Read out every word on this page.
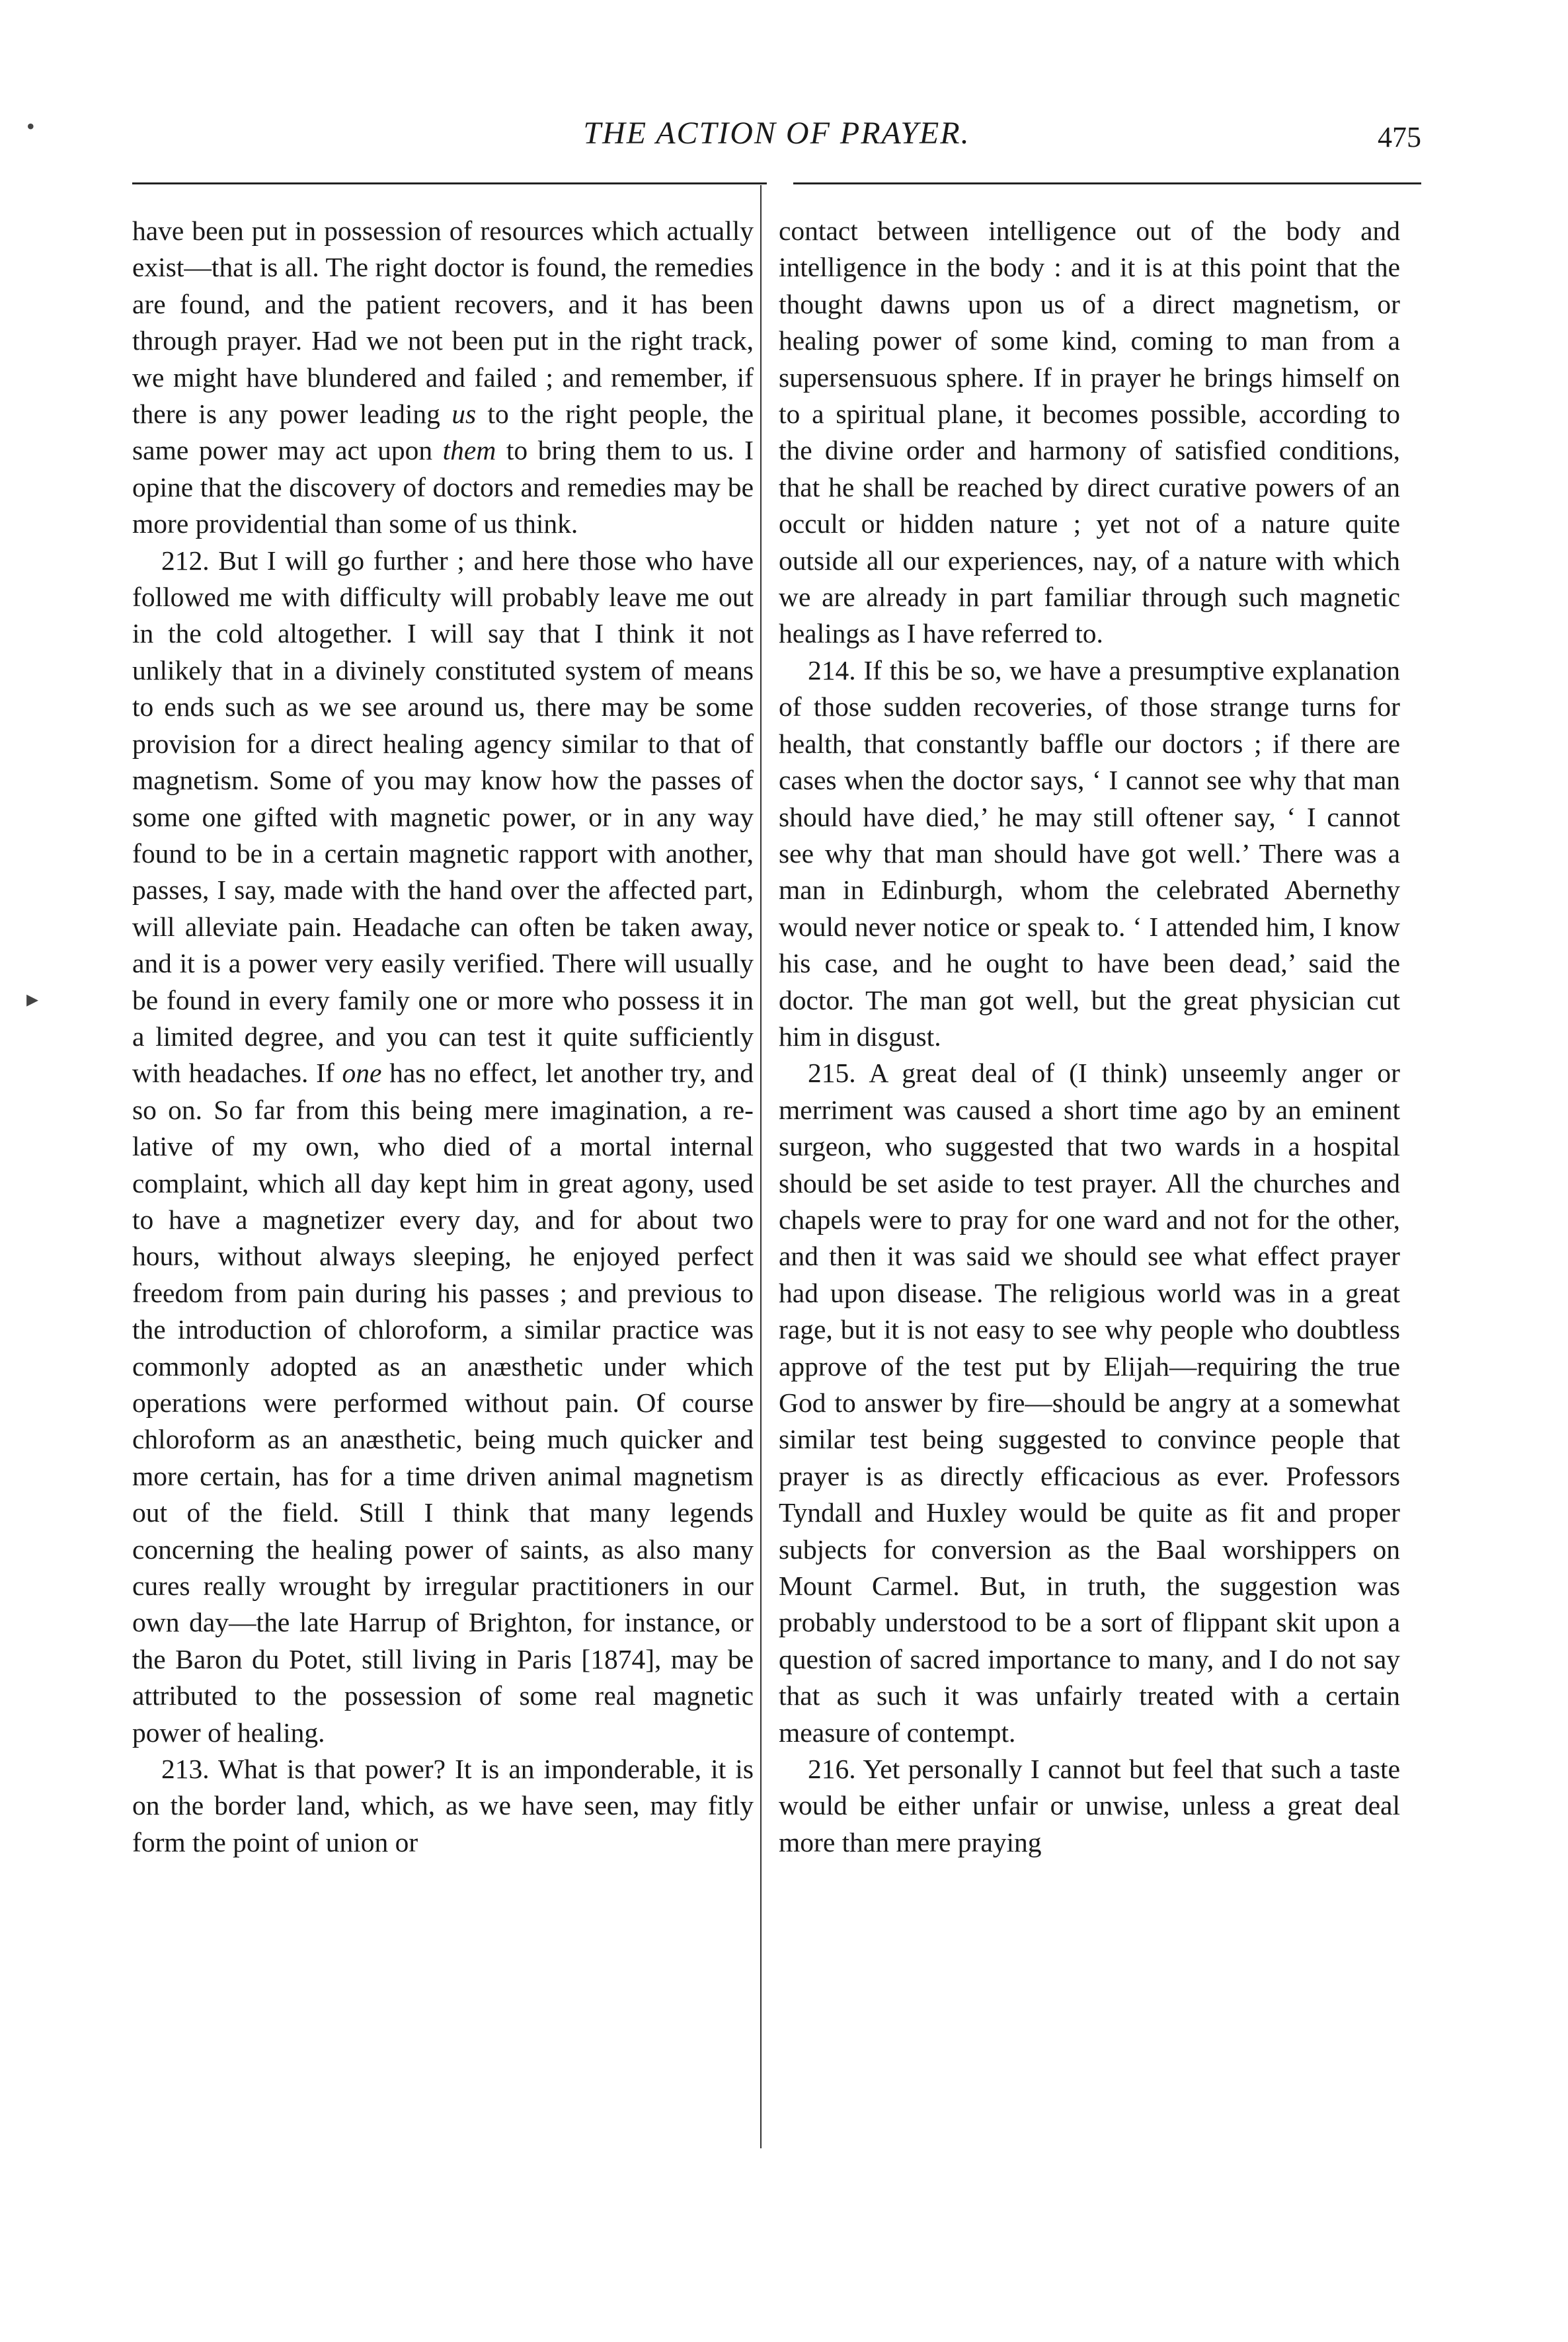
THE ACTION OF PRAYER.	475

have been put in possession of resources which actually exist—that is all. The right doctor is found, the remedies are found, and the patient recovers, and it has been through prayer. Had we not been put in the right track, we might have blundered and failed ; and remember, if there is any power leading us to the right people, the same power may act upon them to bring them to us. I opine that the discovery of doctors and remedies may be more providential than some of us think.

212. But I will go further ; and here those who have followed me with difficulty will probably leave me out in the cold altogether. I will say that I think it not unlikely that in a divinely constituted system of means to ends such as we see around us, there may be some provision for a direct healing agency similar to that of magnetism. Some of you may know how the passes of some one gifted with magnetic power, or in any way found to be in a certain magnetic rapport with another, passes, I say, made with the hand over the affected part, will alleviate pain. Headache can often be taken away, and it is a power very easily verified. There will usually be found in every family one or more who possess it in a limited degree, and you can test it quite sufficiently with headaches. If one has no effect, let another try, and so on. So far from this being mere imagination, a relative of my own, who died of a mortal internal complaint, which all day kept him in great agony, used to have a magnetizer every day, and for about two hours, without always sleeping, he enjoyed perfect freedom from pain during his passes ; and previous to the introduction of chloroform, a similar practice was commonly adopted as an anæsthetic under which operations were performed without pain. Of course chloroform as an anæsthetic, being much quicker and more certain, has for a time driven animal magnetism out of the field. Still I think that many legends concerning the healing power of saints, as also many cures really wrought by irregular practitioners in our own day—the late Harrup of Brighton, for instance, or the Baron du Potet, still living in Paris [1874], may be attributed to the possession of some real magnetic power of healing.

213. What is that power? It is an imponderable, it is on the border land, which, as we have seen, may fitly form the point of union or

contact between intelligence out of the body and intelligence in the body : and it is at this point that the thought dawns upon us of a direct magnetism, or healing power of some kind, coming to man from a supersensuous sphere. If in prayer he brings himself on to a spiritual plane, it becomes possible, according to the divine order and harmony of satisfied conditions, that he shall be reached by direct curative powers of an occult or hidden nature ; yet not of a nature quite outside all our experiences, nay, of a nature with which we are already in part familiar through such magnetic healings as I have referred to.

214. If this be so, we have a presumptive explanation of those sudden recoveries, of those strange turns for health, that constantly baffle our doctors ; if there are cases when the doctor says, ‘ I cannot see why that man should have died,’ he may still oftener say, ‘ I cannot see why that man should have got well.’ There was a man in Edinburgh, whom the celebrated Abernethy would never notice or speak to. ‘ I attended him, I know his case, and he ought to have been dead,’ said the doctor. The man got well, but the great physician cut him in disgust.

215. A great deal of (I think) unseemly anger or merriment was caused a short time ago by an eminent surgeon, who suggested that two wards in a hospital should be set aside to test prayer. All the churches and chapels were to pray for one ward and not for the other, and then it was said we should see what effect prayer had upon disease. The religious world was in a great rage, but it is not easy to see why people who doubtless approve of the test put by Elijah—requiring the true God to answer by fire—should be angry at a somewhat similar test being suggested to convince people that prayer is as directly efficacious as ever. Professors Tyndall and Huxley would be quite as fit and proper subjects for conversion as the Baal worshippers on Mount Carmel. But, in truth, the suggestion was probably understood to be a sort of flippant skit upon a question of sacred importance to many, and I do not say that as such it was unfairly treated with a certain measure of contempt.

216. Yet personally I cannot but feel that such a taste would be either unfair or unwise, unless a great deal more than mere praying

•
▸
